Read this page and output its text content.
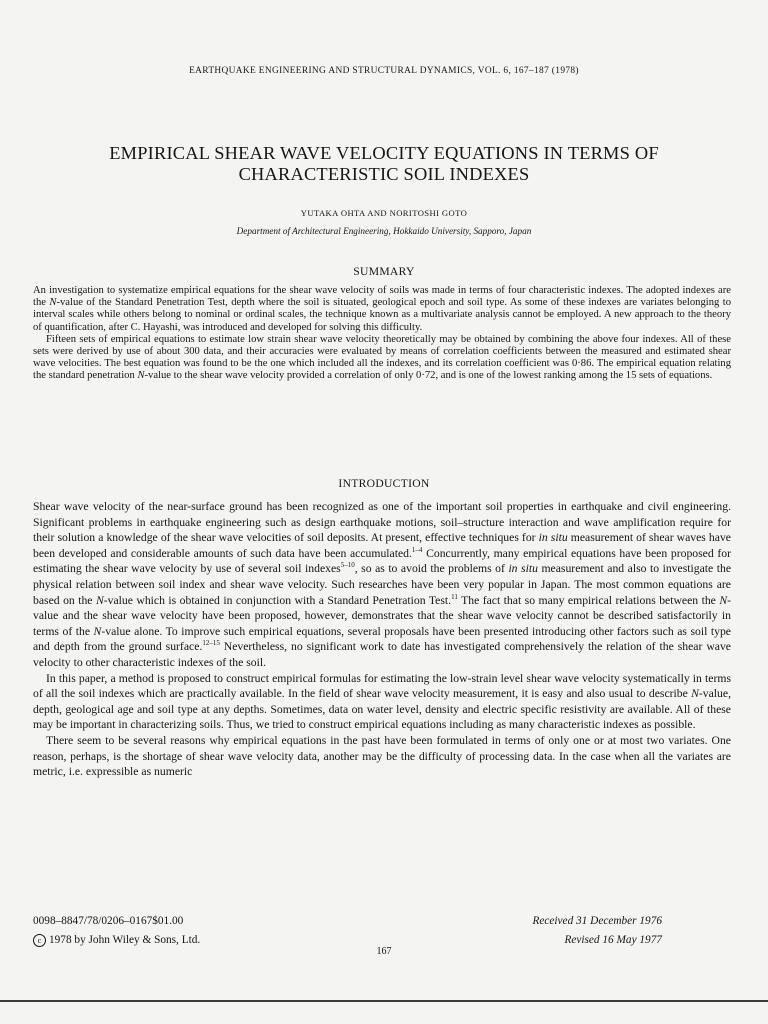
EARTHQUAKE ENGINEERING AND STRUCTURAL DYNAMICS, VOL. 6, 167–187 (1978)
EMPIRICAL SHEAR WAVE VELOCITY EQUATIONS IN TERMS OF
CHARACTERISTIC SOIL INDEXES
YUTAKA OHTA AND NORITOSHI GOTO
Department of Architectural Engineering, Hokkaido University, Sapporo, Japan
SUMMARY

An investigation to systematize empirical equations for the shear wave velocity of soils was made in terms of four characteristic indexes. The adopted indexes are the N-value of the Standard Penetration Test, depth where the soil is situated, geological epoch and soil type. As some of these indexes are variates belonging to interval scales while others belong to nominal or ordinal scales, the technique known as a multivariate analysis cannot be employed. A new approach to the theory of quantification, after C. Hayashi, was introduced and developed for solving this difficulty.

Fifteen sets of empirical equations to estimate low strain shear wave velocity theoretically may be obtained by combining the above four indexes. All of these sets were derived by use of about 300 data, and their accuracies were evaluated by means of correlation coefficients between the measured and estimated shear wave velocities. The best equation was found to be the one which included all the indexes, and its correlation coefficient was 0·86. The empirical equation relating the standard penetration N-value to the shear wave velocity provided a correlation of only 0·72, and is one of the lowest ranking among the 15 sets of equations.

INTRODUCTION

Shear wave velocity of the near-surface ground has been recognized as one of the important soil properties in earthquake and civil engineering. Significant problems in earthquake engineering such as design earthquake motions, soil–structure interaction and wave amplification require for their solution a knowledge of the shear wave velocities of soil deposits. At present, effective techniques for in situ measurement of shear waves have been developed and considerable amounts of such data have been accumulated.$^{1-4}$ Concurrently, many empirical equations have been proposed for estimating the shear wave velocity by use of several soil indexes$^{5-10}$, so as to avoid the problems of in situ measurement and also to investigate the physical relation between soil index and shear wave velocity. Such researches have been very popular in Japan. The most common equations are based on the N-value which is obtained in conjunction with a Standard Penetration Test.$^{11}$ The fact that so many empirical relations between the N-value and the shear wave velocity have been proposed, however, demonstrates that the shear wave velocity cannot be described satisfactorily in terms of the N-value alone. To improve such empirical equations, several proposals have been presented introducing other factors such as soil type and depth from the ground surface.$^{12-15}$ Nevertheless, no significant work to date has investigated comprehensively the relation of the shear wave velocity to other characteristic indexes of the soil.

In this paper, a method is proposed to construct empirical formulas for estimating the low-strain level shear wave velocity systematically in terms of all the soil indexes which are practically available. In the field of shear wave velocity measurement, it is easy and also usual to describe N-value, depth, geological age and soil type at any depths. Sometimes, data on water level, density and electric specific resistivity are available. All of these may be important in characterizing soils. Thus, we tried to construct empirical equations including as many characteristic indexes as possible.

There seem to be several reasons why empirical equations in the past have been formulated in terms of only one or at most two variates. One reason, perhaps, is the shortage of shear wave velocity data, another may be the difficulty of processing data. In the case when all the variates are metric, i.e. expressible as numeric

0098–8847/78/0206–0167$01.00
c 1978 by John Wiley & Sons, Ltd.
Received 31 December 1976
Revised 16 May 1977
167
